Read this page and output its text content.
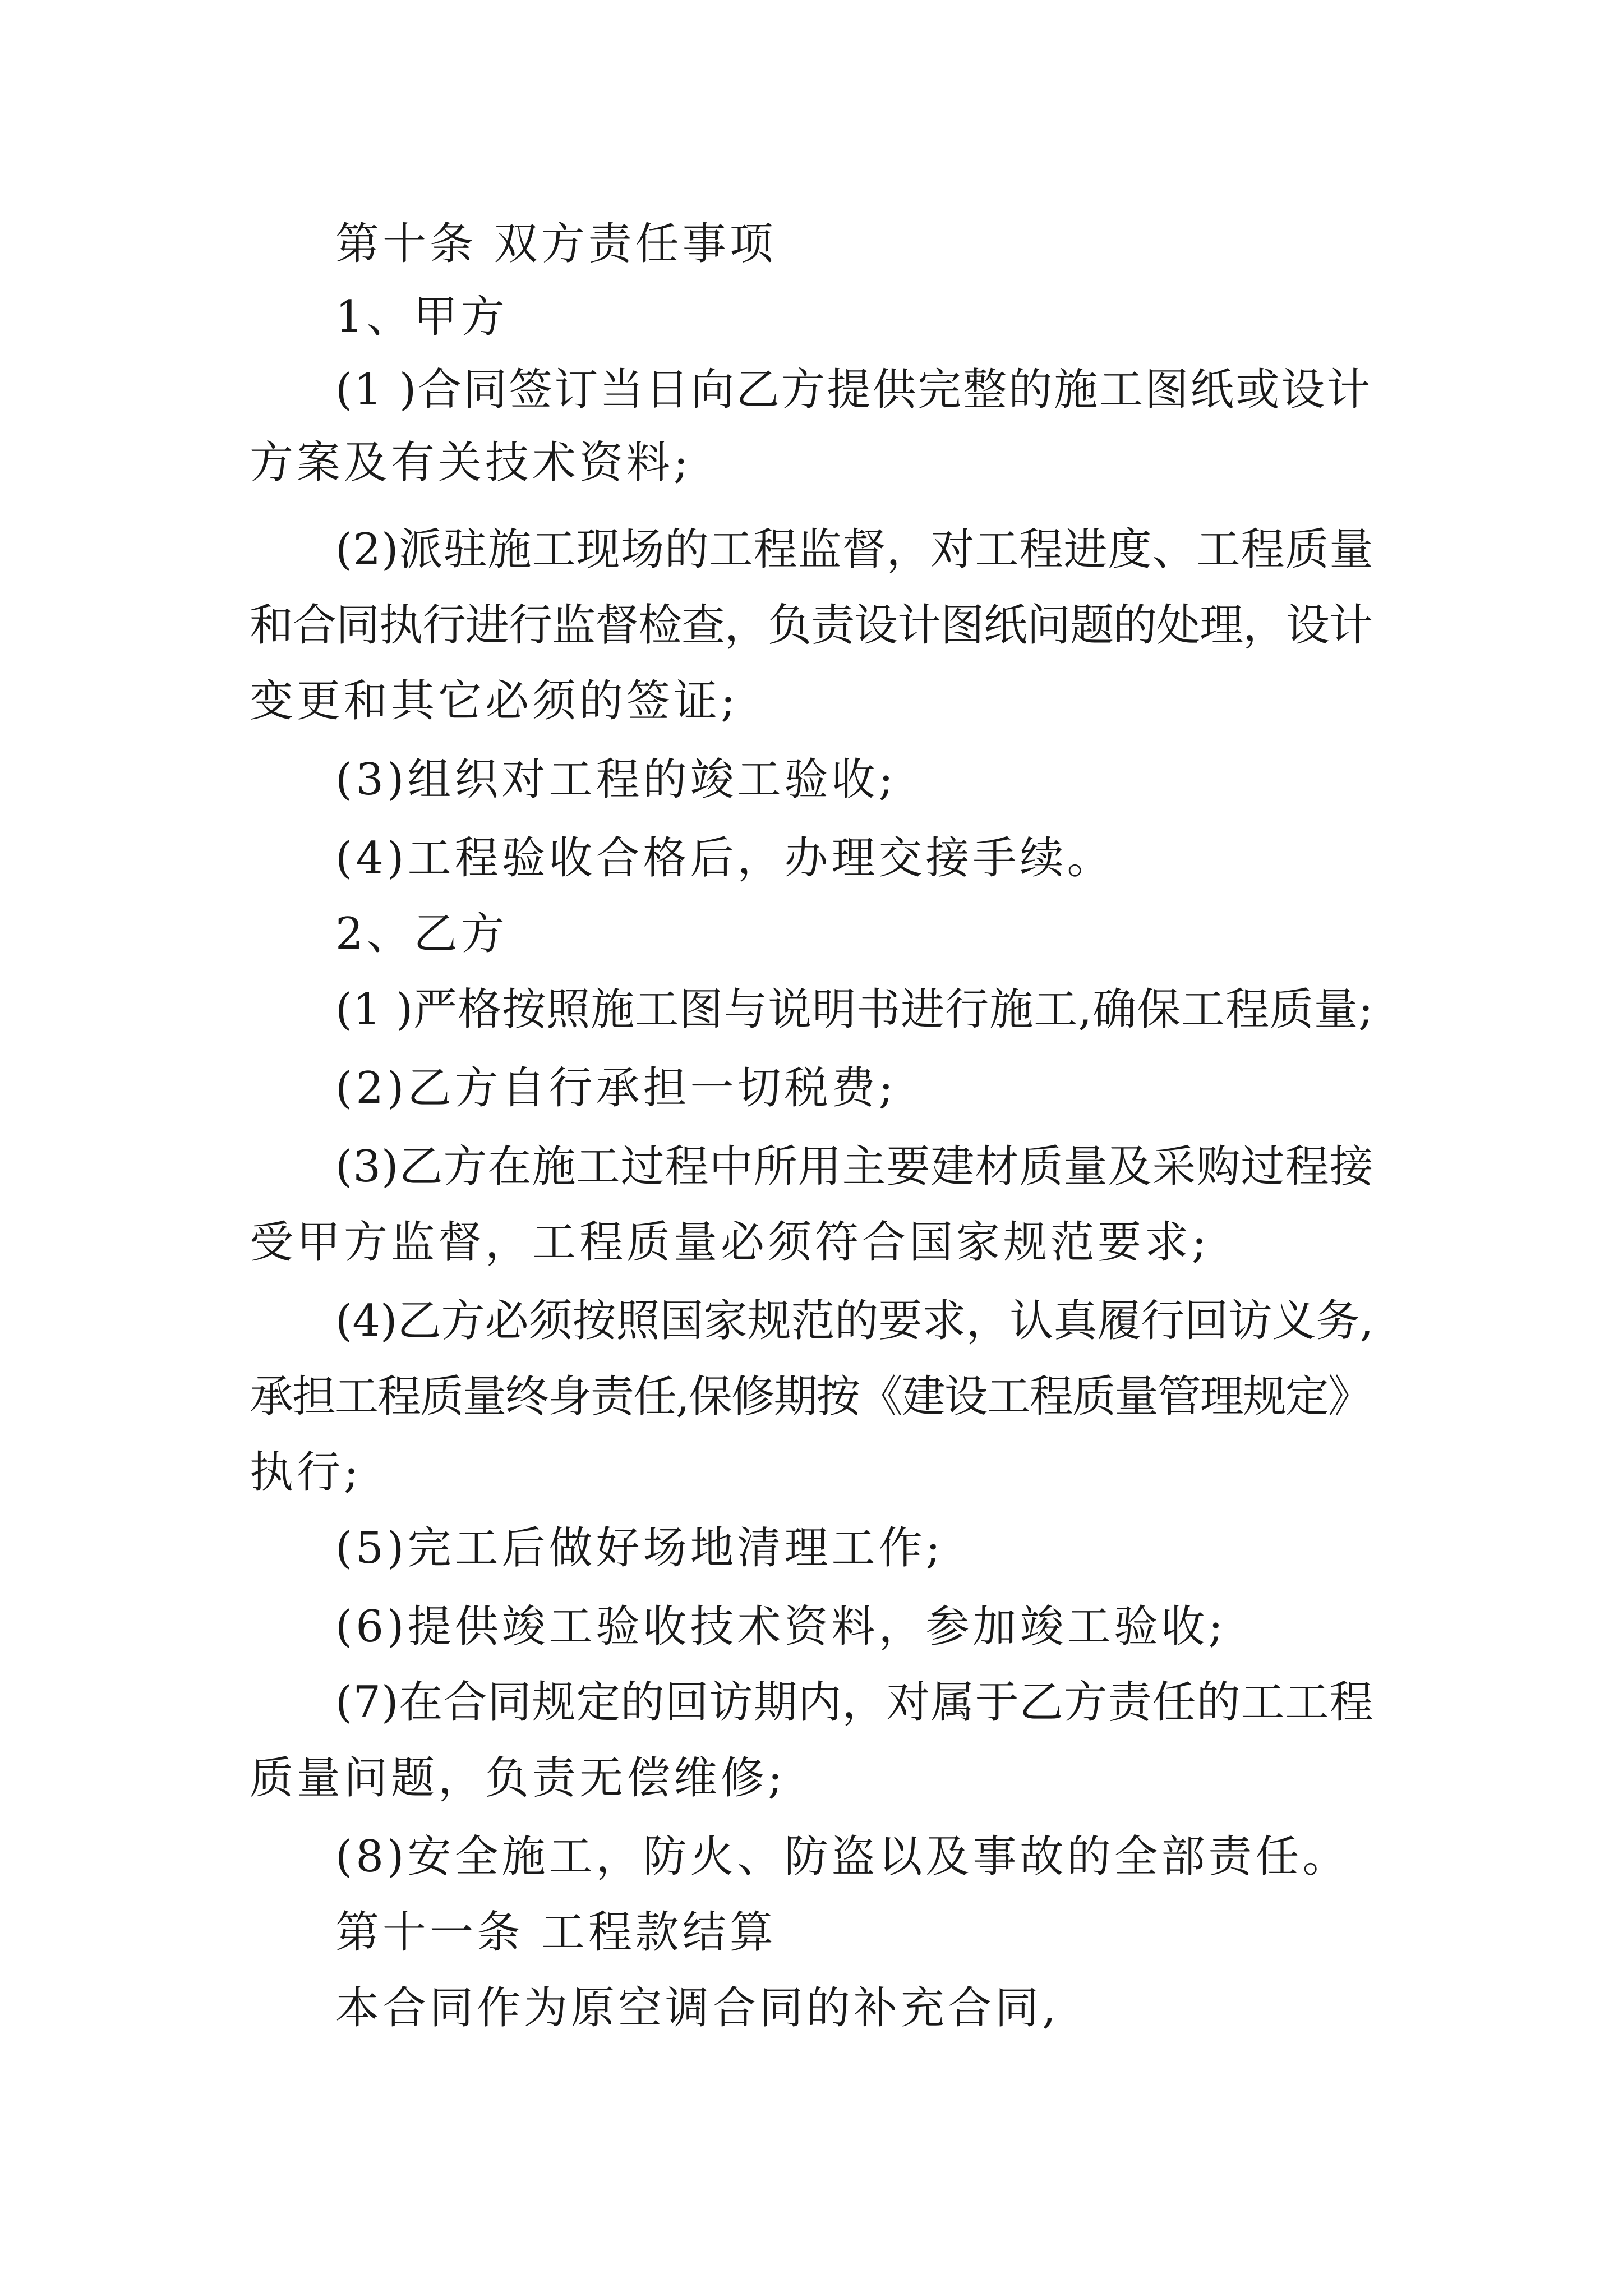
第十条 双方责任事项
1、甲方
(1 )合同签订当日向乙方提供完整的施工图纸或设计
方案及有关技术资料;
(2)派驻施工现场的工程监督，对工程进度、工程质量
和合同执行进行监督检查，负责设计图纸问题的处理，设计
变更和其它必须的签证;
(3)组织对工程的竣工验收;
(4)工程验收合格后，办理交接手续。
2、乙方
(1 )严格按照施工图与说明书进行施工,确保工程质量;
(2)乙方自行承担一切税费;
(3)乙方在施工过程中所用主要建材质量及采购过程接
受甲方监督，工程质量必须符合国家规范要求;
(4)乙方必须按照国家规范的要求，认真履行回访义务,
承担工程质量终身责任,保修期按《建设工程质量管理规定》
执行;
(5)完工后做好场地清理工作;
(6)提供竣工验收技术资料，参加竣工验收;
(7)在合同规定的回访期内，对属于乙方责任的工工程
质量问题，负责无偿维修;
(8)安全施工，防火、防盗以及事故的全部责任。
第十一条 工程款结算
本合同作为原空调合同的补充合同,
